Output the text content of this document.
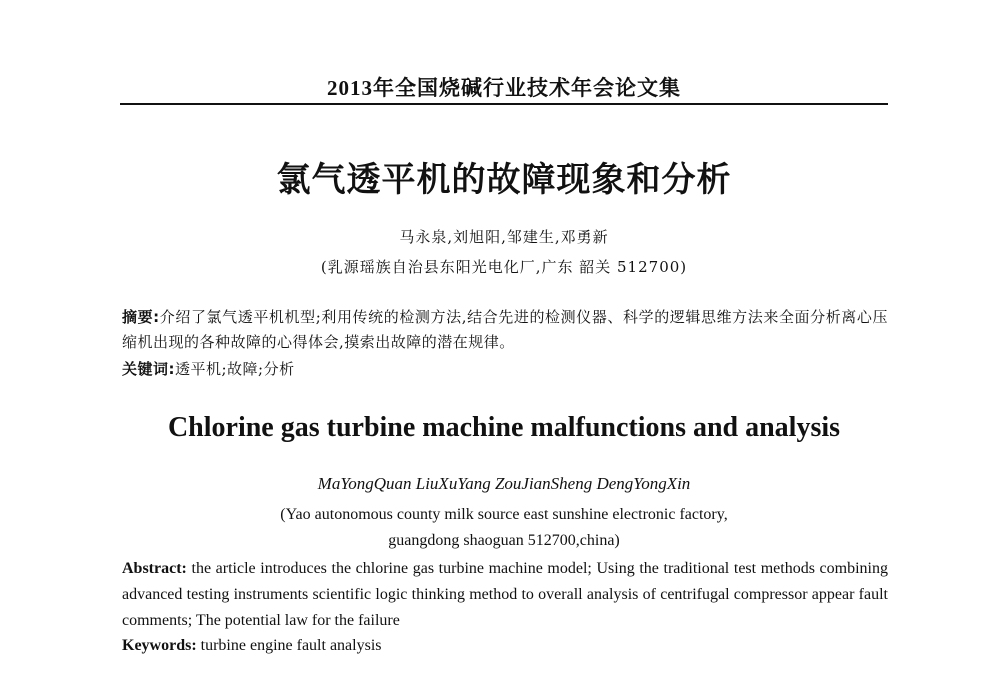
2013年全国烧碱行业技术年会论文集
氯气透平机的故障现象和分析
马永泉,刘旭阳,邹建生,邓勇新
(乳源瑶族自治县东阳光电化厂,广东 韶关 512700)
摘要:介绍了氯气透平机机型;利用传统的检测方法,结合先进的检测仪器、科学的逻辑思维方法来全面分析离心压缩机出现的各种故障的心得体会,摸索出故障的潜在规律。
关键词:透平机;故障;分析
Chlorine gas turbine machine malfunctions and analysis
MaYongQuan LiuXuYang ZouJianSheng DengYongXin
(Yao autonomous county milk source east sunshine electronic factory,
guangdong shaoguan 512700,china)
Abstract: the article introduces the chlorine gas turbine machine model; Using the traditional test methods combining advanced testing instruments scientific logic thinking method to overall analysis of centrifugal compressor appear fault comments; The potential law for the failure
Keywords: turbine engine fault analysis
